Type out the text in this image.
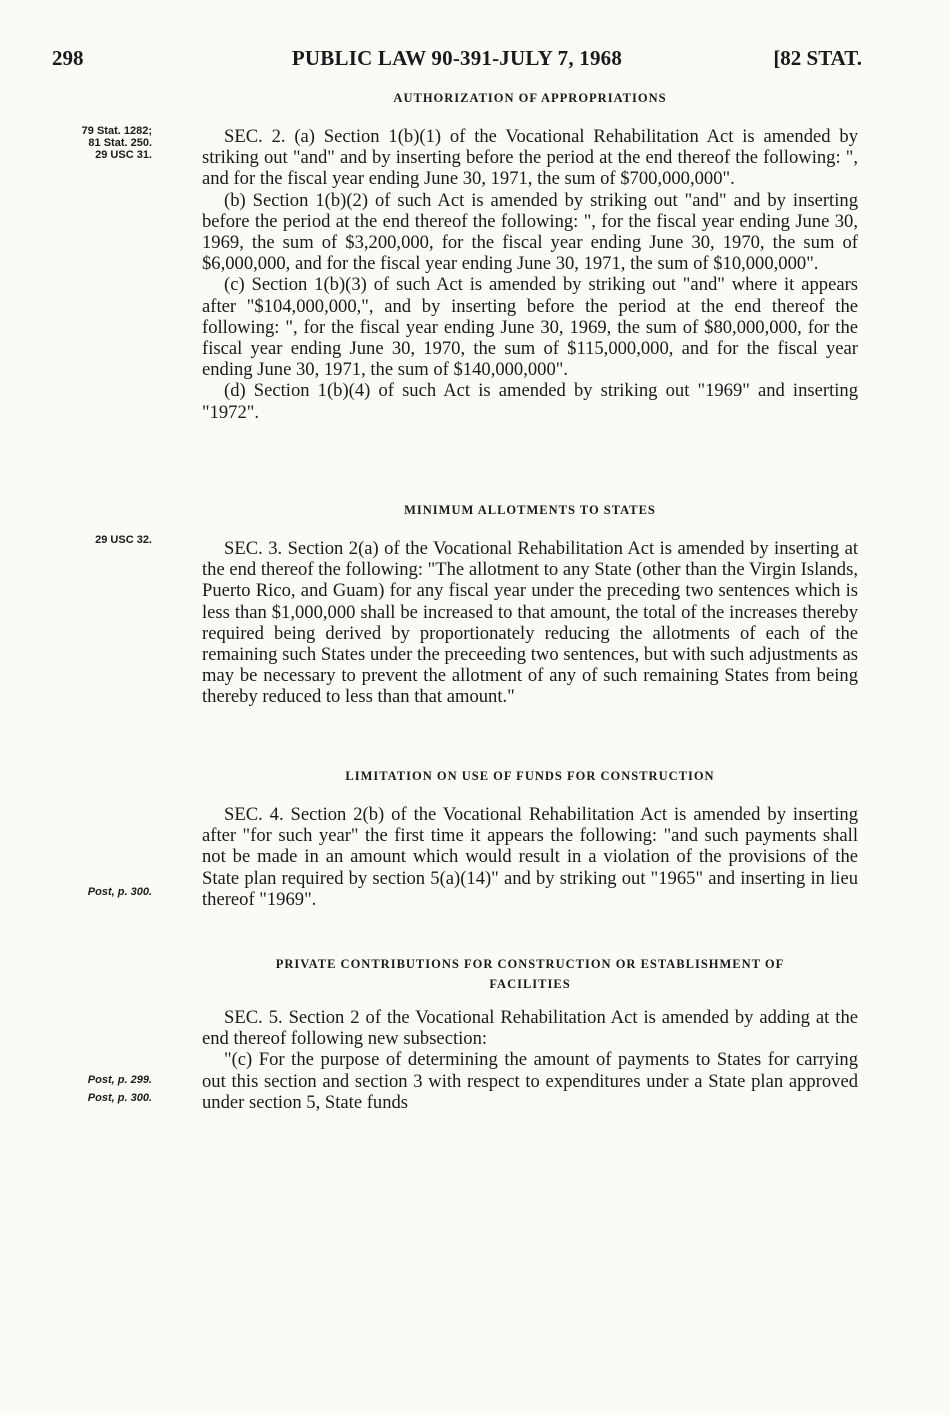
298	PUBLIC LAW 90-391-JULY 7, 1968	[82 STAT.
AUTHORIZATION OF APPROPRIATIONS

SEC. 2. (a) Section 1(b)(1) of the Vocational Rehabilitation Act is amended by striking out "and" and by inserting before the period at the end thereof the following: ", and for the fiscal year ending June 30, 1971, the sum of $700,000,000".

(b) Section 1(b)(2) of such Act is amended by striking out "and" and by inserting before the period at the end thereof the following: ", for the fiscal year ending June 30, 1969, the sum of $3,200,000, for the fiscal year ending June 30, 1970, the sum of $6,000,000, and for the fiscal year ending June 30, 1971, the sum of $10,000,000".

(c) Section 1(b)(3) of such Act is amended by striking out "and" where it appears after "$104,000,000,", and by inserting before the period at the end thereof the following: ", for the fiscal year ending June 30, 1969, the sum of $80,000,000, for the fiscal year ending June 30, 1970, the sum of $115,000,000, and for the fiscal year ending June 30, 1971, the sum of $140,000,000".

(d) Section 1(b)(4) of such Act is amended by striking out "1969" and inserting "1972".

MINIMUM ALLOTMENTS TO STATES

SEC. 3. Section 2(a) of the Vocational Rehabilitation Act is amended by inserting at the end thereof the following: "The allotment to any State (other than the Virgin Islands, Puerto Rico, and Guam) for any fiscal year under the preceding two sentences which is less than $1,000,000 shall be increased to that amount, the total of the increases thereby required being derived by proportionately reducing the allotments of each of the remaining such States under the preceeding two sentences, but with such adjustments as may be necessary to prevent the allotment of any of such remaining States from being thereby reduced to less than that amount."

LIMITATION ON USE OF FUNDS FOR CONSTRUCTION

SEC. 4. Section 2(b) of the Vocational Rehabilitation Act is amended by inserting after "for such year" the first time it appears the following: "and such payments shall not be made in an amount which would result in a violation of the provisions of the State plan required by section 5(a)(14)" and by striking out "1965" and inserting in lieu thereof "1969".

PRIVATE CONTRIBUTIONS FOR CONSTRUCTION OR ESTABLISHMENT OF FACILITIES

SEC. 5. Section 2 of the Vocational Rehabilitation Act is amended by adding at the end thereof following new subsection:

"(c) For the purpose of determining the amount of payments to States for carrying out this section and section 3 with respect to expenditures under a State plan approved under section 5, State funds

79 Stat. 1282;
81 Stat. 250.
29 USC 31.
29 USC 32.
Post, p. 300.
Post, p. 299.
Post, p. 300.
